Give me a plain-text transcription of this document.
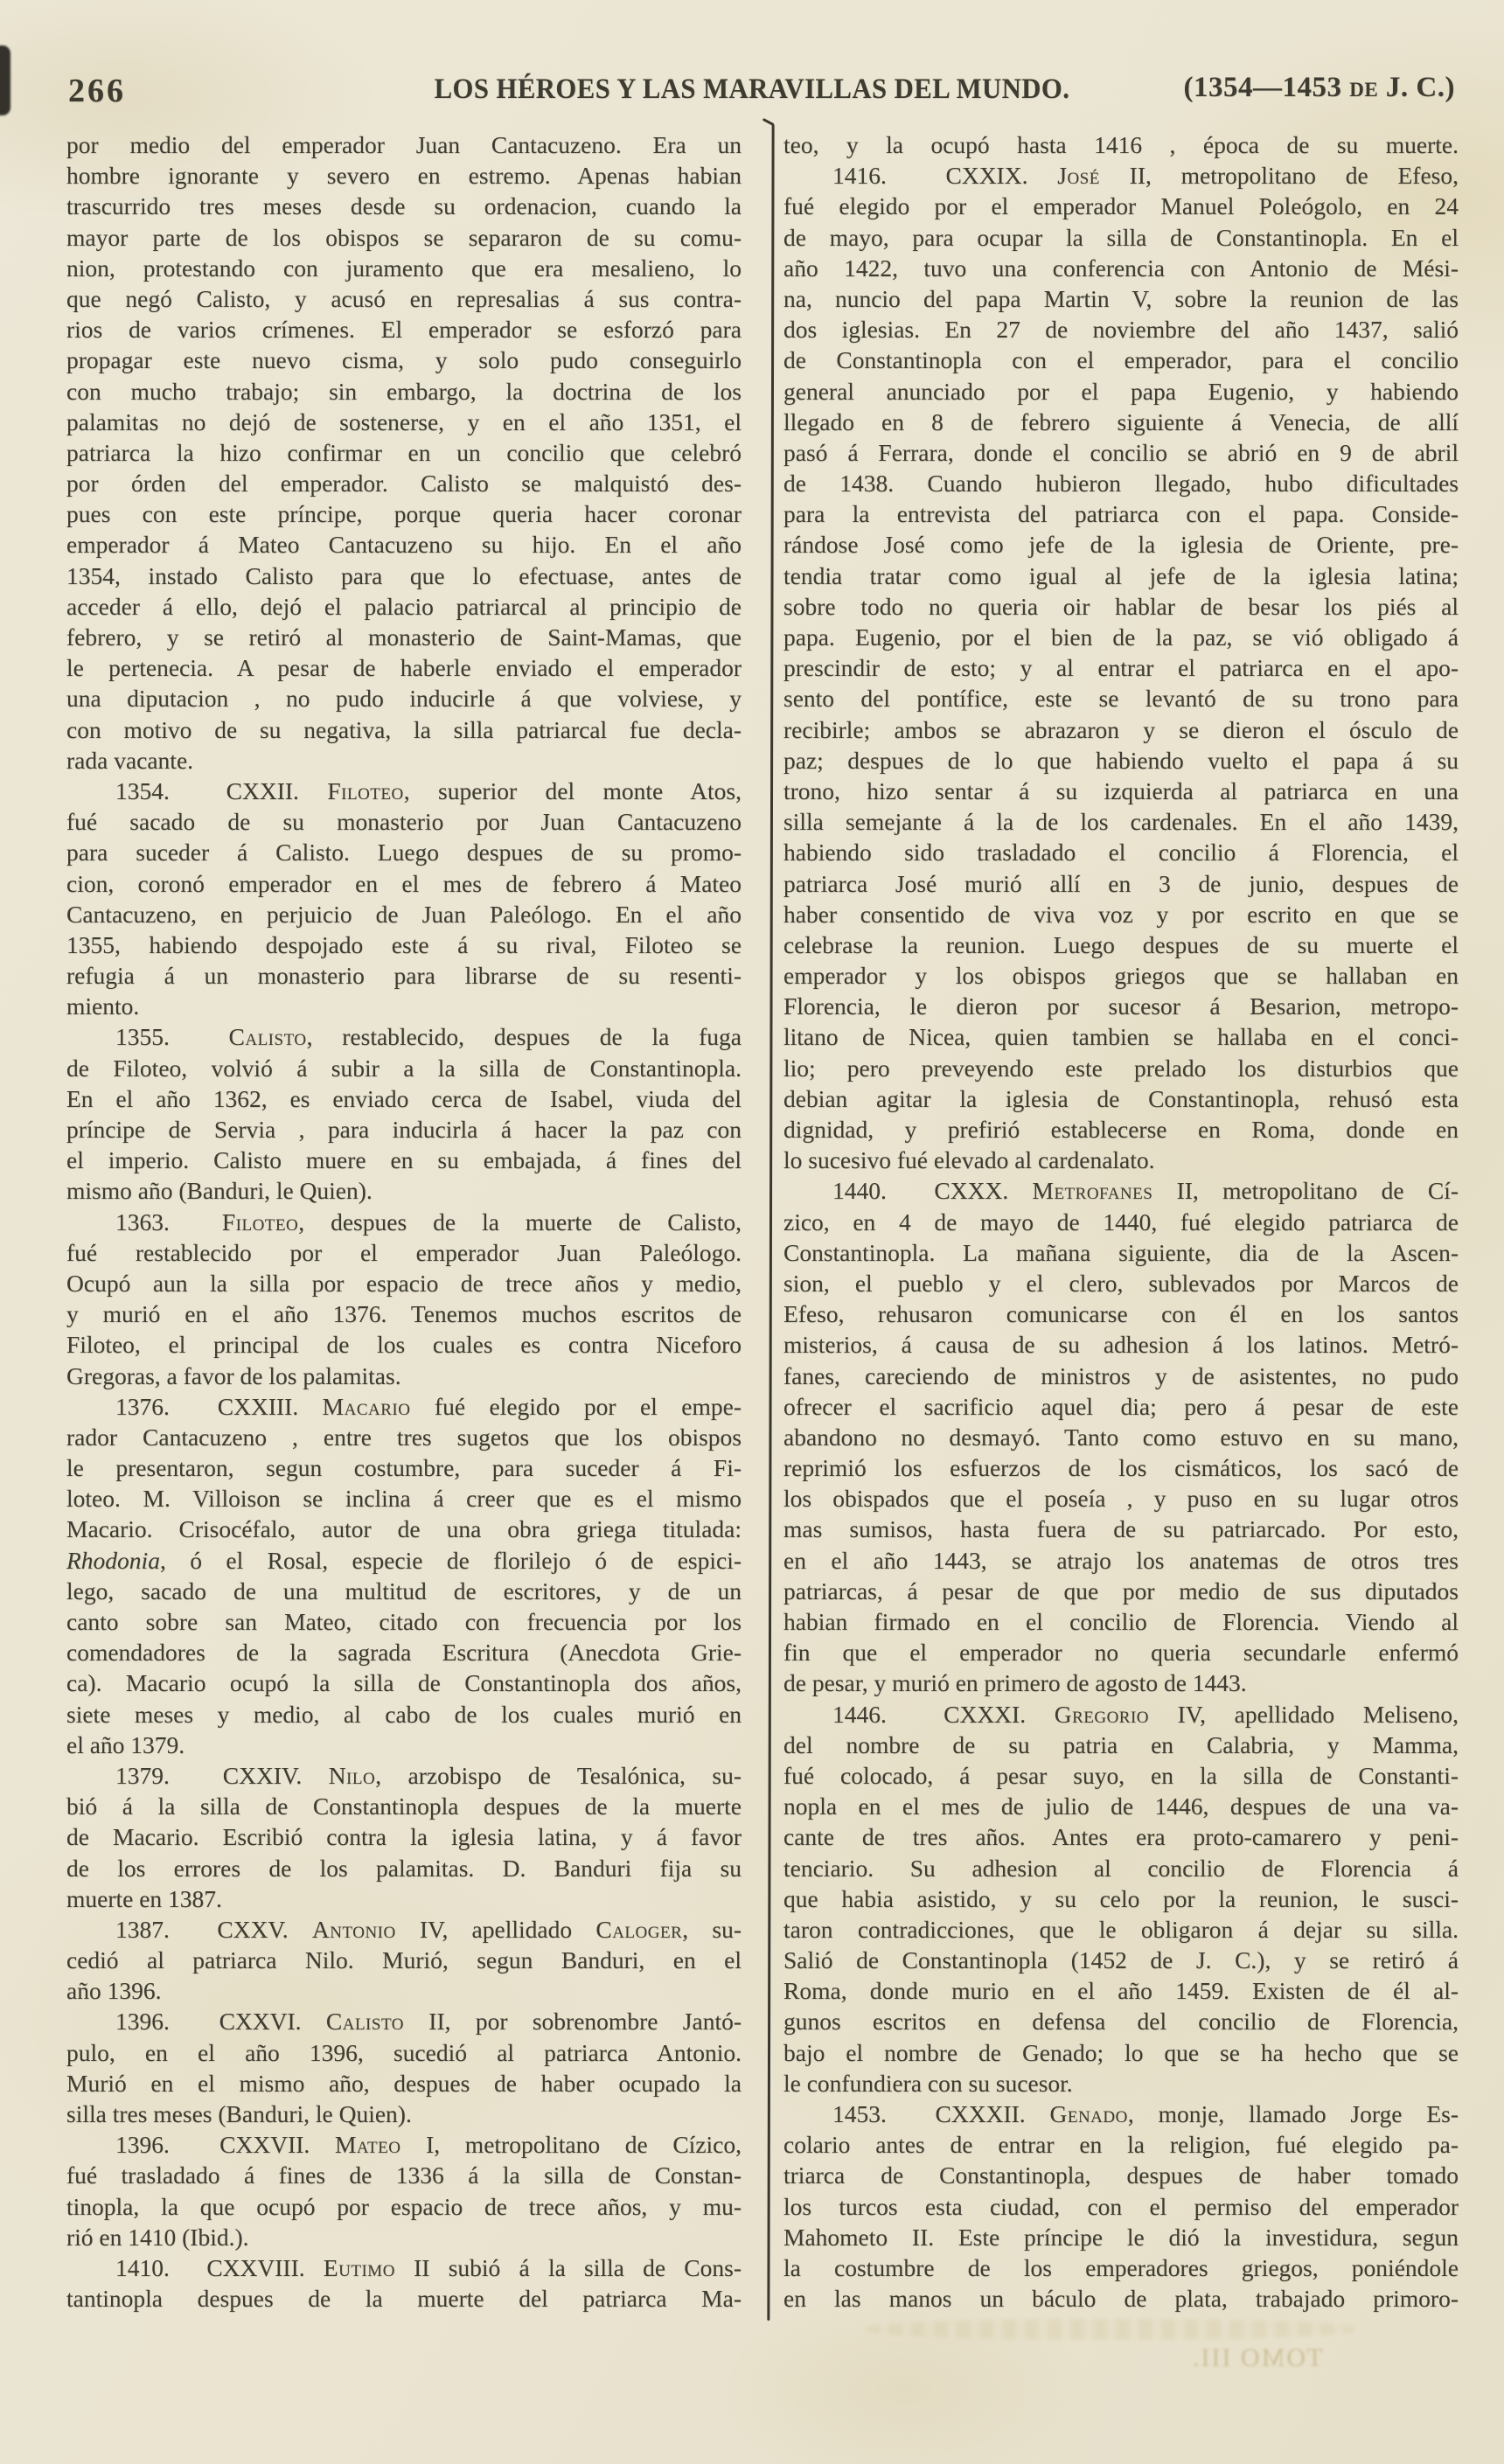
266	LOS HÉROES Y LAS MARAVILLAS DEL MUNDO.	(1354—1453 de J. C.)

por medio del emperador Juan Cantacuzeno. Era un
hombre ignorante y severo en estremo. Apenas habian
trascurrido tres meses desde su ordenacion, cuando la
mayor parte de los obispos se separaron de su comu-
nion, protestando con juramento que era mesalieno, lo
que negó Calisto, y acusó en represalias á sus contra-
rios de varios crímenes. El emperador se esforzó para
propagar este nuevo cisma, y solo pudo conseguirlo
con mucho trabajo; sin embargo, la doctrina de los
palamitas no dejó de sostenerse, y en el año 1351, el
patriarca la hizo confirmar en un concilio que celebró
por órden del emperador. Calisto se malquistó des-
pues con este príncipe, porque queria hacer coronar
emperador á Mateo Cantacuzeno su hijo. En el año
1354, instado Calisto para que lo efectuase, antes de
acceder á ello, dejó el palacio patriarcal al principio de
febrero, y se retiró al monasterio de Saint-Mamas, que
le pertenecia. A pesar de haberle enviado el emperador
una diputacion , no pudo inducirle á que volviese, y
con motivo de su negativa, la silla patriarcal fue decla-
rada vacante.

1354.  CXXII. Filoteo, superior del monte Atos,
fué sacado de su monasterio por Juan Cantacuzeno
para suceder á Calisto. Luego despues de su promo-
cion, coronó emperador en el mes de febrero á Mateo
Cantacuzeno, en perjuicio de Juan Paleólogo. En el año
1355, habiendo despojado este á su rival, Filoteo se
refugia á un monasterio para librarse de su resenti-
miento.

1355.  Calisto, restablecido, despues de la fuga
de Filoteo, volvió á subir a la silla de Constantinopla.
En el año 1362, es enviado cerca de Isabel, viuda del
príncipe de Servia , para inducirla á hacer la paz con
el imperio. Calisto muere en su embajada, á fines del
mismo año (Banduri, le Quien).

1363.  Filoteo, despues de la muerte de Calisto,
fué restablecido por el emperador Juan Paleólogo.
Ocupó aun la silla por espacio de trece años y medio,
y murió en el año 1376. Tenemos muchos escritos de
Filoteo, el principal de los cuales es contra Niceforo
Gregoras, a favor de los palamitas.

1376.  CXXIII. Macario fué elegido por el empe-
rador Cantacuzeno , entre tres sugetos que los obispos
le presentaron, segun costumbre, para suceder á Fi-
loteo. M. Villoison se inclina á creer que es el mismo
Macario. Crisocéfalo, autor de una obra griega titulada:
Rhodonia, ó el Rosal, especie de florilejo ó de espici-
lego, sacado de una multitud de escritores, y de un
canto sobre san Mateo, citado con frecuencia por los
comendadores de la sagrada Escritura (Anecdota Grie-
ca). Macario ocupó la silla de Constantinopla dos años,
siete meses y medio, al cabo de los cuales murió en
el año 1379.

1379.  CXXIV. Nilo, arzobispo de Tesalónica, su-
bió á la silla de Constantinopla despues de la muerte
de Macario. Escribió contra la iglesia latina, y á favor
de los errores de los palamitas. D. Banduri fija su
muerte en 1387.

1387.  CXXV. Antonio IV, apellidado Caloger, su-
cedió al patriarca Nilo. Murió, segun Banduri, en el
año 1396.

1396.  CXXVI. Calisto II, por sobrenombre Jantó-
pulo, en el año 1396, sucedió al patriarca Antonio.
Murió en el mismo año, despues de haber ocupado la
silla tres meses (Banduri, le Quien).

1396.  CXXVII. Mateo I, metropolitano de Cízico,
fué trasladado á fines de 1336 á la silla de Constan-
tinopla, la que ocupó por espacio de trece años, y mu-
rió en 1410 (Ibid.).

1410.  CXXVIII. Eutimo II subió á la silla de Cons-
tantinopla despues de la muerte del patriarca Ma-

teo, y la ocupó hasta 1416 , época de su muerte.

1416.  CXXIX. José II, metropolitano de Efeso,
fué elegido por el emperador Manuel Poleógolo, en 24
de mayo, para ocupar la silla de Constantinopla. En el
año 1422, tuvo una conferencia con Antonio de Mési-
na, nuncio del papa Martin V, sobre la reunion de las
dos iglesias. En 27 de noviembre del año 1437, salió
de Constantinopla con el emperador, para el concilio
general anunciado por el papa Eugenio, y habiendo
llegado en 8 de febrero siguiente á Venecia, de allí
pasó á Ferrara, donde el concilio se abrió en 9 de abril
de 1438. Cuando hubieron llegado, hubo dificultades
para la entrevista del patriarca con el papa. Conside-
rándose José como jefe de la iglesia de Oriente, pre-
tendia tratar como igual al jefe de la iglesia latina;
sobre todo no queria oir hablar de besar los piés al
papa. Eugenio, por el bien de la paz, se vió obligado á
prescindir de esto; y al entrar el patriarca en el apo-
sento del pontífice, este se levantó de su trono para
recibirle; ambos se abrazaron y se dieron el ósculo de
paz; despues de lo que habiendo vuelto el papa á su
trono, hizo sentar á su izquierda al patriarca en una
silla semejante á la de los cardenales. En el año 1439,
habiendo sido trasladado el concilio á Florencia, el
patriarca José murió allí en 3 de junio, despues de
haber consentido de viva voz y por escrito en que se
celebrase la reunion. Luego despues de su muerte el
emperador y los obispos griegos que se hallaban en
Florencia, le dieron por sucesor á Besarion, metropo-
litano de Nicea, quien tambien se hallaba en el conci-
lio; pero preveyendo este prelado los disturbios que
debian agitar la iglesia de Constantinopla, rehusó esta
dignidad, y prefirió establecerse en Roma, donde en
lo sucesivo fué elevado al cardenalato.

1440.  CXXX. Metrofanes II, metropolitano de Cí-
zico, en 4 de mayo de 1440, fué elegido patriarca de
Constantinopla. La mañana siguiente, dia de la Ascen-
sion, el pueblo y el clero, sublevados por Marcos de
Efeso, rehusaron comunicarse con él en los santos
misterios, á causa de su adhesion á los latinos. Metró-
fanes, careciendo de ministros y de asistentes, no pudo
ofrecer el sacrificio aquel dia; pero á pesar de este
abandono no desmayó. Tanto como estuvo en su mano,
reprimió los esfuerzos de los cismáticos, los sacó de
los obispados que el poseía , y puso en su lugar otros
mas sumisos, hasta fuera de su patriarcado. Por esto,
en el año 1443, se atrajo los anatemas de otros tres
patriarcas, á pesar de que por medio de sus diputados
habian firmado en el concilio de Florencia. Viendo al
fin que el emperador no queria secundarle enfermó
de pesar, y murió en primero de agosto de 1443.

1446.  CXXXI. Gregorio IV, apellidado Meliseno,
del nombre de su patria en Calabria, y Mamma,
fué colocado, á pesar suyo, en la silla de Constanti-
nopla en el mes de julio de 1446, despues de una va-
cante de tres años. Antes era proto-camarero y peni-
tenciario. Su adhesion al concilio de Florencia á
que habia asistido, y su celo por la reunion, le susci-
taron contradicciones, que le obligaron á dejar su silla.
Salió de Constantinopla (1452 de J. C.), y se retiró á
Roma, donde murio en el año 1459. Existen de él al-
gunos escritos en defensa del concilio de Florencia,
bajo el nombre de Genado; lo que se ha hecho que se
le confundiera con su sucesor.

1453.  CXXXII. Genado, monje, llamado Jorge Es-
colario antes de entrar en la religion, fué elegido pa-
triarca de Constantinopla, despues de haber tomado
los turcos esta ciudad, con el permiso del emperador
Mahometo II. Este príncipe le dió la investidura, segun
la costumbre de los emperadores griegos, poniéndole
en las manos un báculo de plata, trabajado primoro-

TOMO III.
